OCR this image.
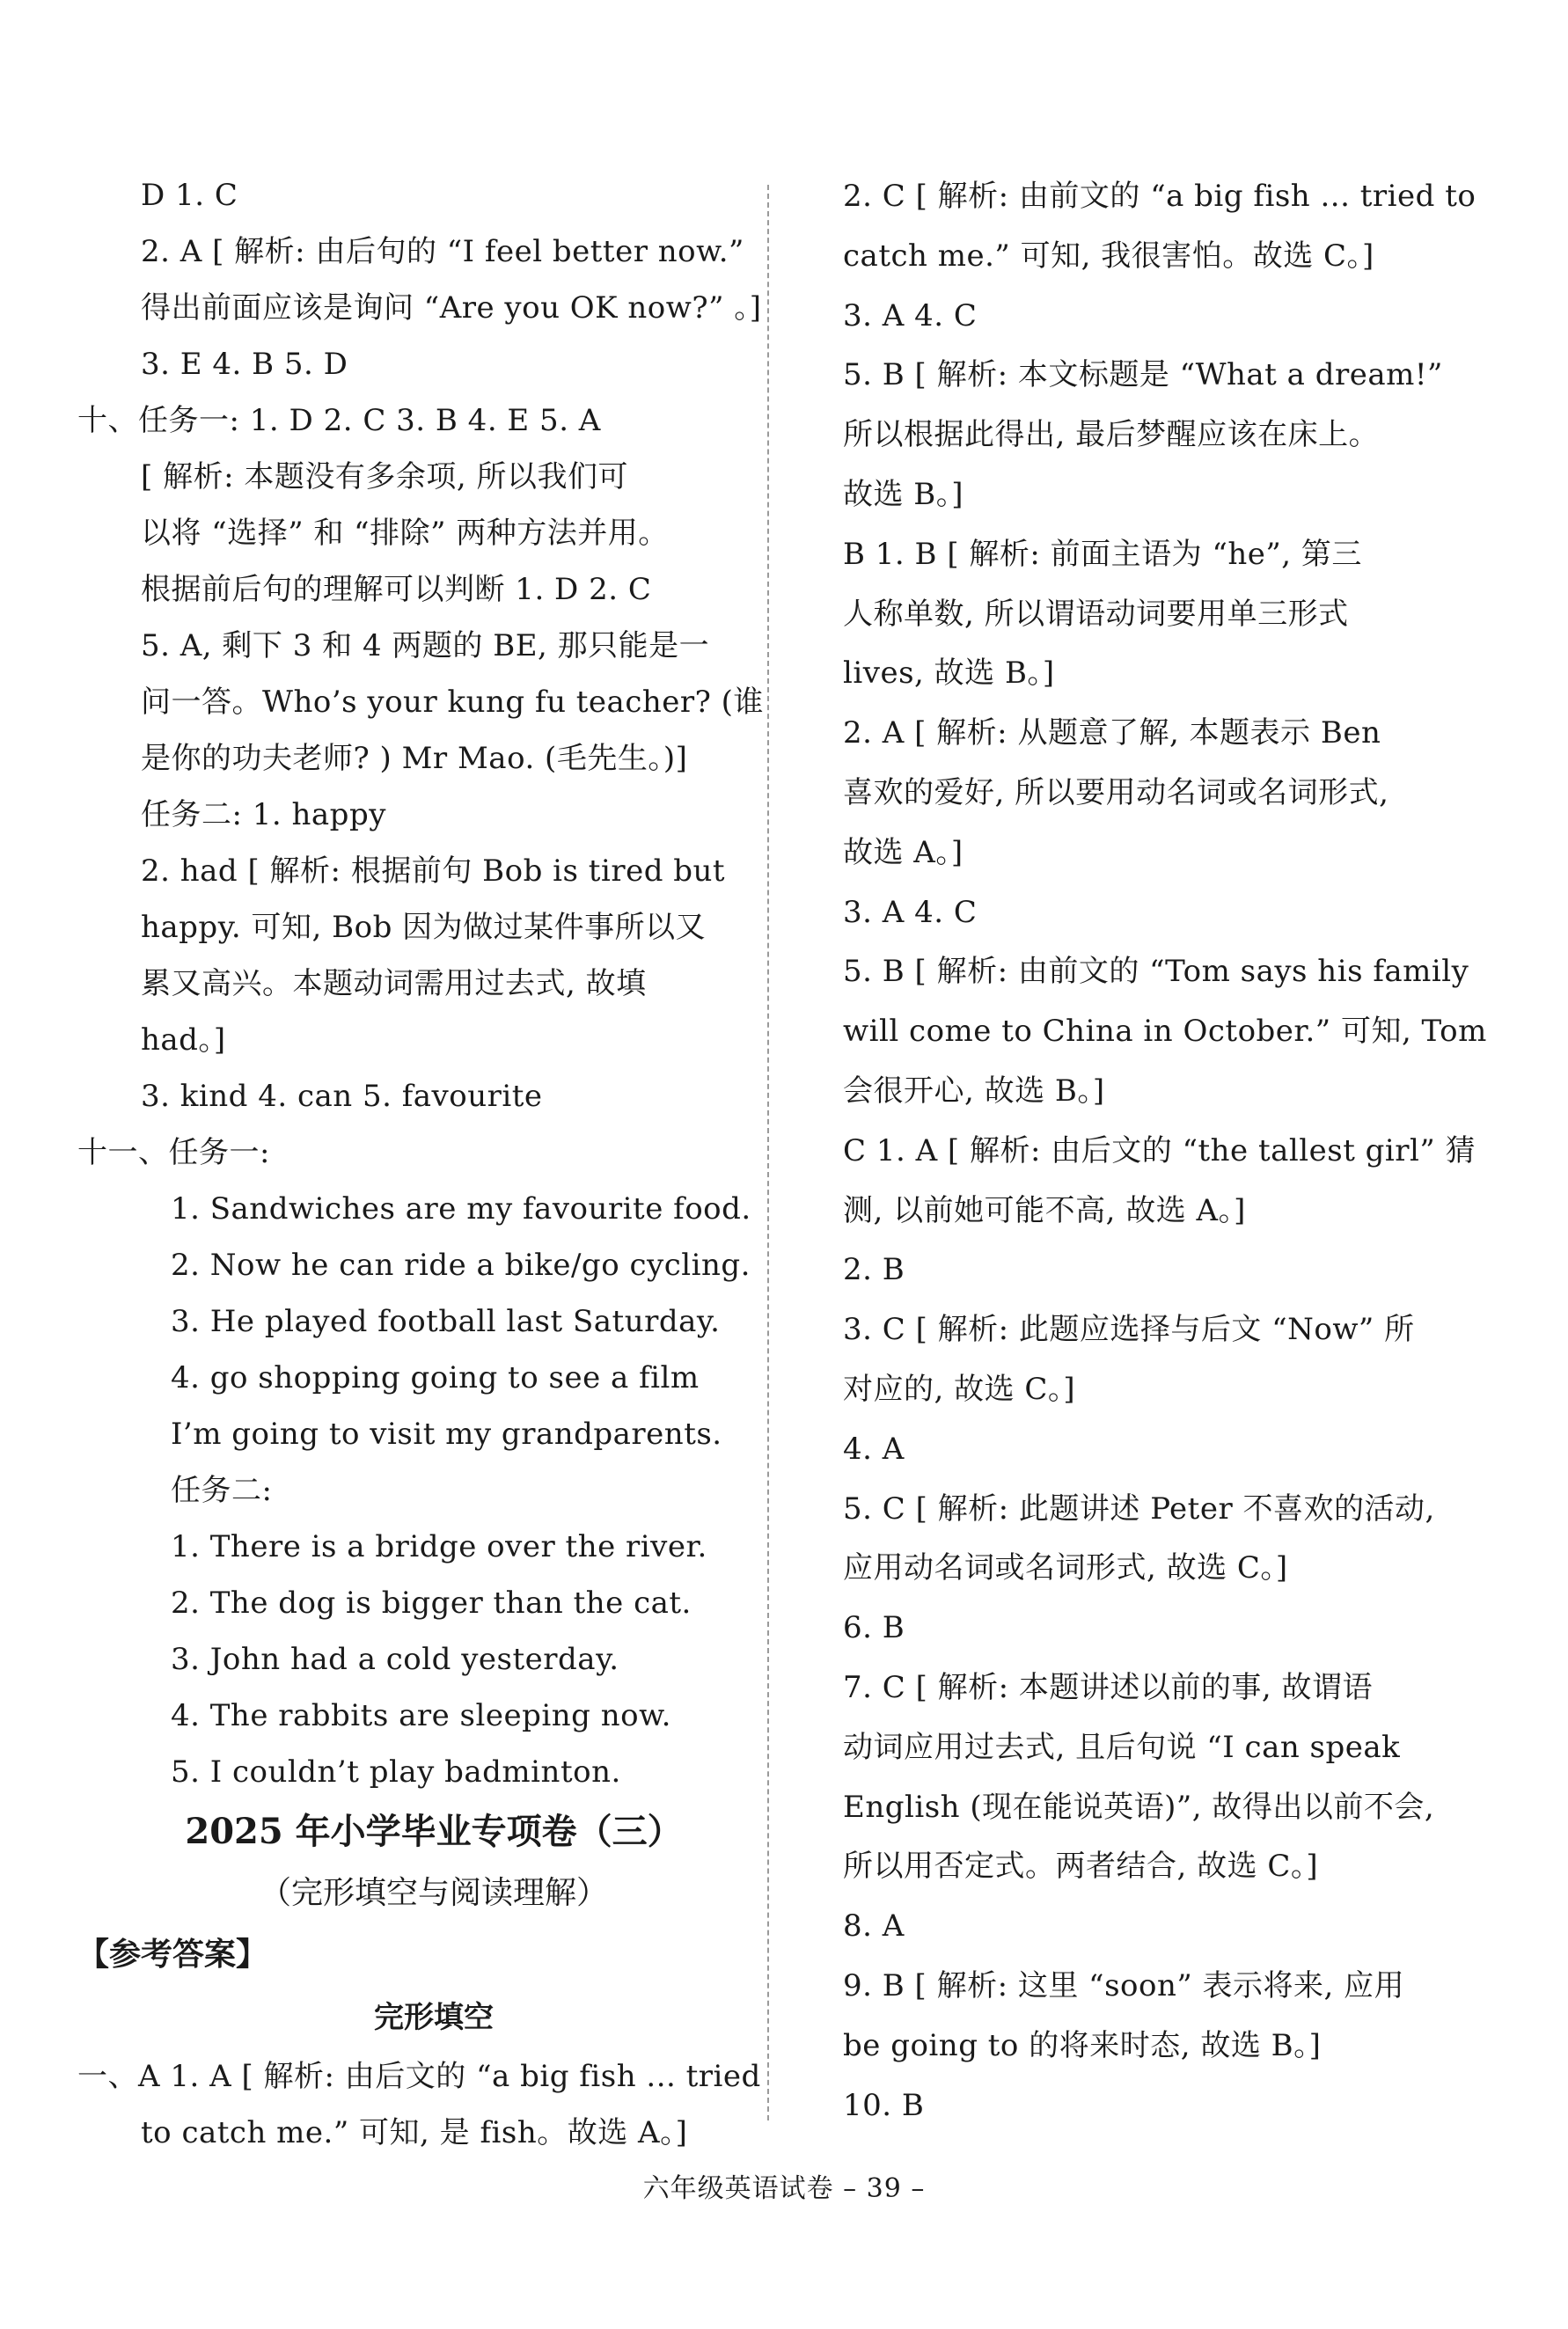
D 1. C
2. A [ 解析: 由后句的 “I feel better now.”
得出前面应该是询问 “Are you OK now?” 。]
3. E 4. B 5. D
十、任务一: 1. D 2. C 3. B 4. E 5. A
[ 解析: 本题没有多余项, 所以我们可
以将 “选择” 和 “排除” 两种方法并用。
根据前后句的理解可以判断 1. D 2. C
5. A, 剩下 3 和 4 两题的 BE, 那只能是一
问一答。Who’s your kung fu teacher? (谁
是你的功夫老师? ) Mr Mao. (毛先生。)]
任务二: 1. happy
2. had [ 解析: 根据前句 Bob is tired but
happy. 可知, Bob 因为做过某件事所以又
累又高兴。本题动词需用过去式, 故填
had。]
3. kind 4. can 5. favourite
十一、任务一:
1. Sandwiches are my favourite food.
2. Now he can ride a bike/go cycling.
3. He played football last Saturday.
4. go shopping going to see a film
I’m going to visit my grandparents.
任务二:
1. There is a bridge over the river.
2. The dog is bigger than the cat.
3. John had a cold yesterday.
4. The rabbits are sleeping now.
5. I couldn’t play badminton.
2025 年小学毕业专项卷（三）
（完形填空与阅读理解）
【参考答案】
完形填空
一、A 1. A [ 解析: 由后文的 “a big fish ... tried
to catch me.” 可知, 是 fish。故选 A。]
2. C [ 解析: 由前文的 “a big fish ... tried to
catch me.” 可知, 我很害怕。故选 C。]
3. A 4. C
5. B [ 解析: 本文标题是 “What a dream!”
所以根据此得出, 最后梦醒应该在床上。
故选 B。]
B 1. B [ 解析: 前面主语为 “he”, 第三
人称单数, 所以谓语动词要用单三形式
lives, 故选 B。]
2. A [ 解析: 从题意了解, 本题表示 Ben
喜欢的爱好, 所以要用动名词或名词形式,
故选 A。]
3. A 4. C
5. B [ 解析: 由前文的 “Tom says his family
will come to China in October.” 可知, Tom
会很开心, 故选 B。]
C 1. A [ 解析: 由后文的 “the tallest girl” 猜
测, 以前她可能不高, 故选 A。]
2. B
3. C [ 解析: 此题应选择与后文 “Now” 所
对应的, 故选 C。]
4. A
5. C [ 解析: 此题讲述 Peter 不喜欢的活动,
应用动名词或名词形式, 故选 C。]
6. B
7. C [ 解析: 本题讲述以前的事, 故谓语
动词应用过去式, 且后句说 “I can speak
English (现在能说英语)”, 故得出以前不会,
所以用否定式。两者结合, 故选 C。]
8. A
9. B [ 解析: 这里 “soon” 表示将来, 应用
be going to 的将来时态, 故选 B。]
10. B
六年级英语试卷 – 39 –
